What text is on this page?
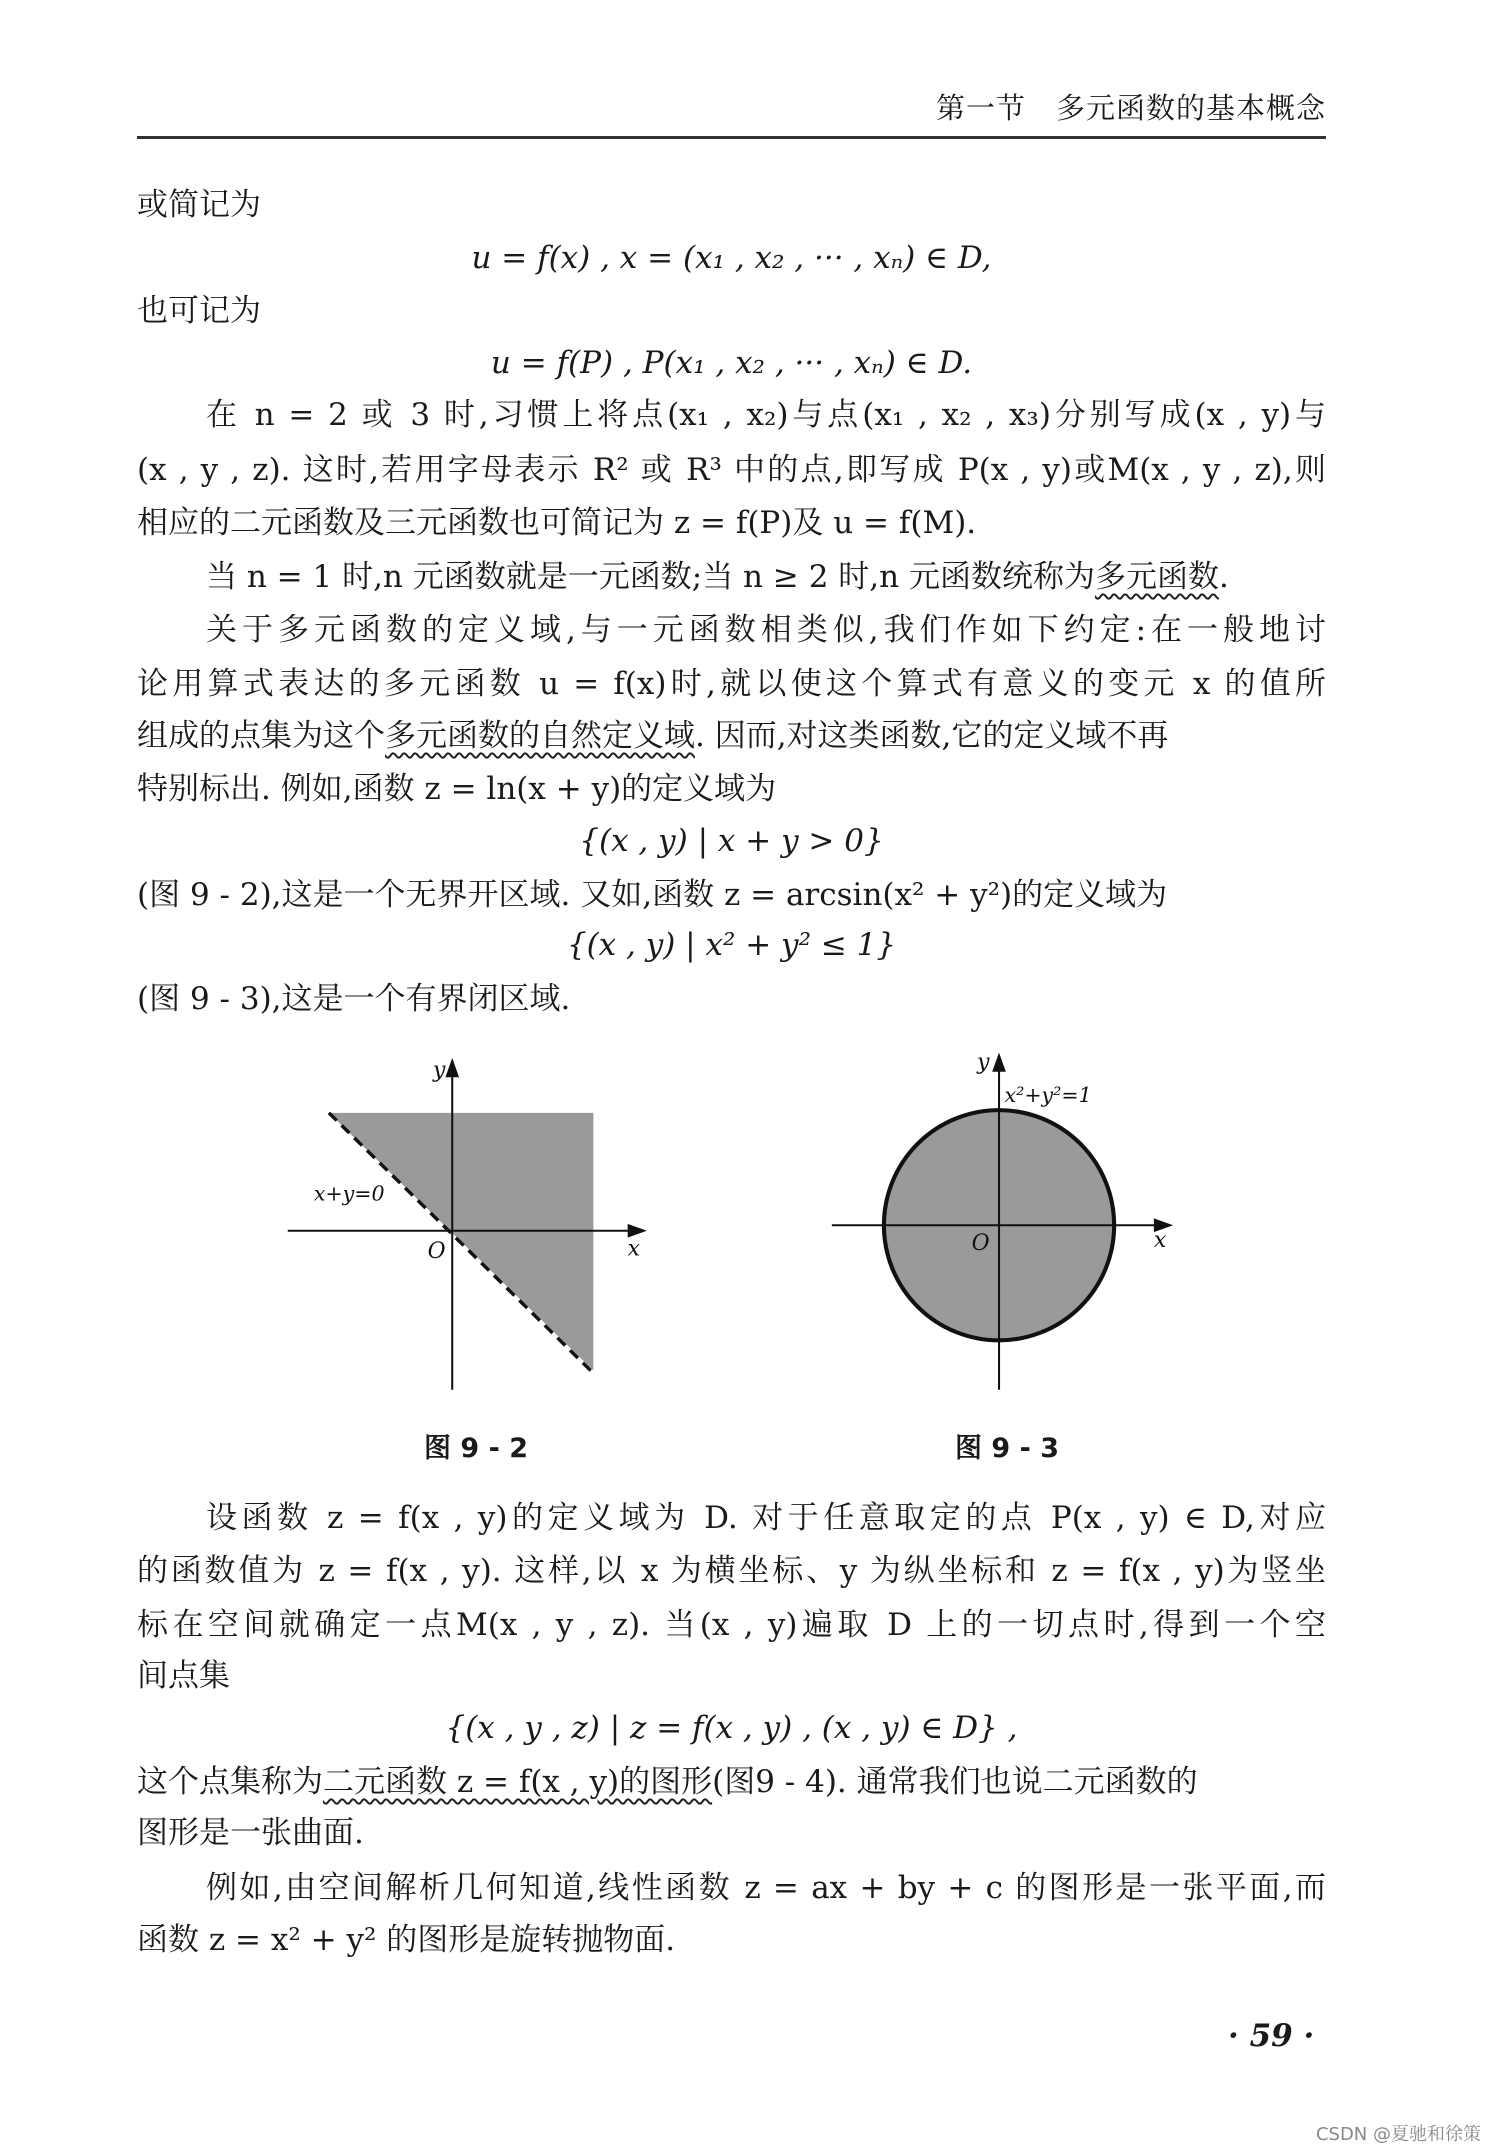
第一节 多元函数的基本概念
或简记为
u = f(x) , x = (x₁ , x₂ , ··· , xₙ) ∈ D,
也可记为
u = f(P) , P(x₁ , x₂ , ··· , xₙ) ∈ D.
在 n = 2 或 3 时,习惯上将点(x₁ , x₂)与点(x₁ , x₂ , x₃)分别写成(x , y)与
(x , y , z). 这时,若用字母表示 R² 或 R³ 中的点,即写成 P(x , y)或M(x , y , z),则
相应的二元函数及三元函数也可简记为 z = f(P)及 u = f(M).
当 n = 1 时,n 元函数就是一元函数;当 n ≥ 2 时,n 元函数统称为多元函数.
关于多元函数的定义域,与一元函数相类似,我们作如下约定:在一般地讨
论用算式表达的多元函数 u = f(x)时,就以使这个算式有意义的变元 x 的值所
组成的点集为这个多元函数的自然定义域. 因而,对这类函数,它的定义域不再
特别标出. 例如,函数 z = ln(x + y)的定义域为
{(x , y) | x + y > 0}
(图 9 - 2),这是一个无界开区域. 又如,函数 z = arcsin(x² + y²)的定义域为
{(x , y) | x² + y² ≤ 1}
(图 9 - 3),这是一个有界闭区域.
x+y=0
O	x
y
x²+y²=1
O	x
y
图 9 - 2	图 9 - 3
设函数 z = f(x , y)的定义域为 D. 对于任意取定的点 P(x , y) ∈ D,对应
的函数值为 z = f(x , y). 这样,以 x 为横坐标、y 为纵坐标和 z = f(x , y)为竖坐
标在空间就确定一点M(x , y , z). 当(x , y)遍取 D 上的一切点时,得到一个空
间点集
{(x , y , z) | z = f(x , y) , (x , y) ∈ D} ,
这个点集称为二元函数 z = f(x , y)的图形(图9 - 4). 通常我们也说二元函数的
图形是一张曲面.
例如,由空间解析几何知道,线性函数 z = ax + by + c 的图形是一张平面,而
函数 z = x² + y² 的图形是旋转抛物面.
· 59 ·
CSDN @夏驰和徐策
